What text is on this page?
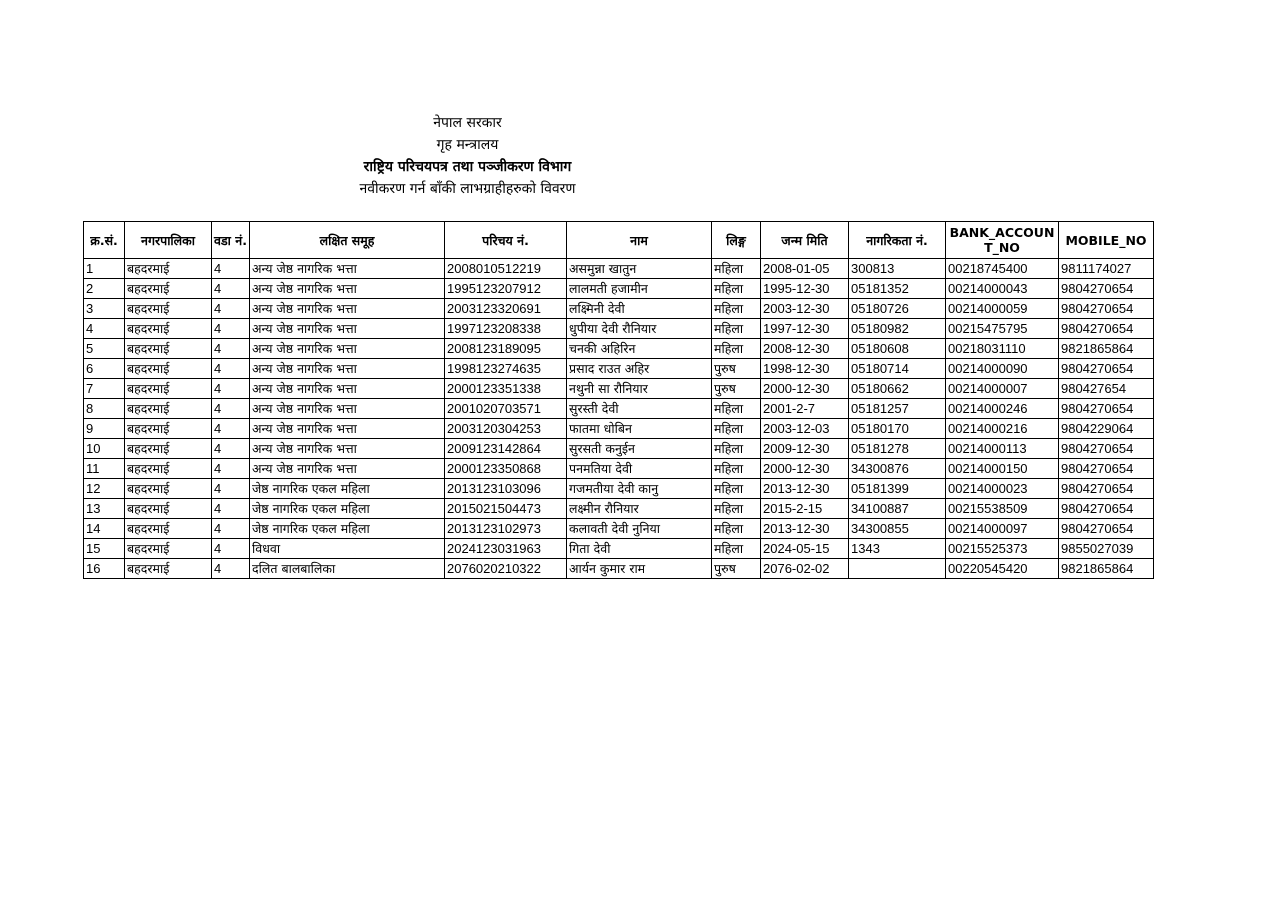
नेपाल सरकार
गृह मन्त्रालय
राष्ट्रिय परिचयपत्र तथा पञ्जीकरण विभाग
नवीकरण गर्न बाँकी लाभग्राहीहरुको विवरण
क्र.सं.	नगरपालिका	वडा नं.	लक्षित समूह	परिचय नं.	नाम	लिङ्ग	जन्म मिति	नागरिकता नं.	BANK_ACCOUNT_NO	MOBILE_NO
1	बहदरमाई	4	अन्य जेष्ठ नागरिक भत्ता	2008010512219	असमुन्ना खातुन	महिला	2008-01-05	300813	00218745400	9811174027
2	बहदरमाई	4	अन्य जेष्ठ नागरिक भत्ता	1995123207912	लालमती हजामीन	महिला	1995-12-30	05181352	00214000043	9804270654
3	बहदरमाई	4	अन्य जेष्ठ नागरिक भत्ता	2003123320691	लक्ष्मिनी देवी	महिला	2003-12-30	05180726	00214000059	9804270654
4	बहदरमाई	4	अन्य जेष्ठ नागरिक भत्ता	1997123208338	धुपीया देवी रौनियार	महिला	1997-12-30	05180982	00215475795	9804270654
5	बहदरमाई	4	अन्य जेष्ठ नागरिक भत्ता	2008123189095	चनकी अहिरिन	महिला	2008-12-30	05180608	00218031110	9821865864
6	बहदरमाई	4	अन्य जेष्ठ नागरिक भत्ता	1998123274635	प्रसाद राउत अहिर	पुरुष	1998-12-30	05180714	00214000090	9804270654
7	बहदरमाई	4	अन्य जेष्ठ नागरिक भत्ता	2000123351338	नथुनी सा रौनियार	पुरुष	2000-12-30	05180662	00214000007	980427654
8	बहदरमाई	4	अन्य जेष्ठ नागरिक भत्ता	2001020703571	सुरस्ती देवी	महिला	2001-2-7	05181257	00214000246	9804270654
9	बहदरमाई	4	अन्य जेष्ठ नागरिक भत्ता	2003120304253	फातमा धोबिन	महिला	2003-12-03	05180170	00214000216	9804229064
10	बहदरमाई	4	अन्य जेष्ठ नागरिक भत्ता	2009123142864	सुरसती कनुईन	महिला	2009-12-30	05181278	00214000113	9804270654
11	बहदरमाई	4	अन्य जेष्ठ नागरिक भत्ता	2000123350868	पनमतिया देवी	महिला	2000-12-30	34300876	00214000150	9804270654
12	बहदरमाई	4	जेष्ठ नागरिक एकल महिला	2013123103096	गजमतीया देवी कानु	महिला	2013-12-30	05181399	00214000023	9804270654
13	बहदरमाई	4	जेष्ठ नागरिक एकल महिला	2015021504473	लक्ष्मीन रौनियार	महिला	2015-2-15	34100887	00215538509	9804270654
14	बहदरमाई	4	जेष्ठ नागरिक एकल महिला	2013123102973	कलावती देवी नुनिया	महिला	2013-12-30	34300855	00214000097	9804270654
15	बहदरमाई	4	विधवा	2024123031963	गिता देवी	महिला	2024-05-15	1343	00215525373	9855027039
16	बहदरमाई	4	दलित बालबालिका	2076020210322	आर्यन कुमार राम	पुरुष	2076-02-02		00220545420	9821865864
